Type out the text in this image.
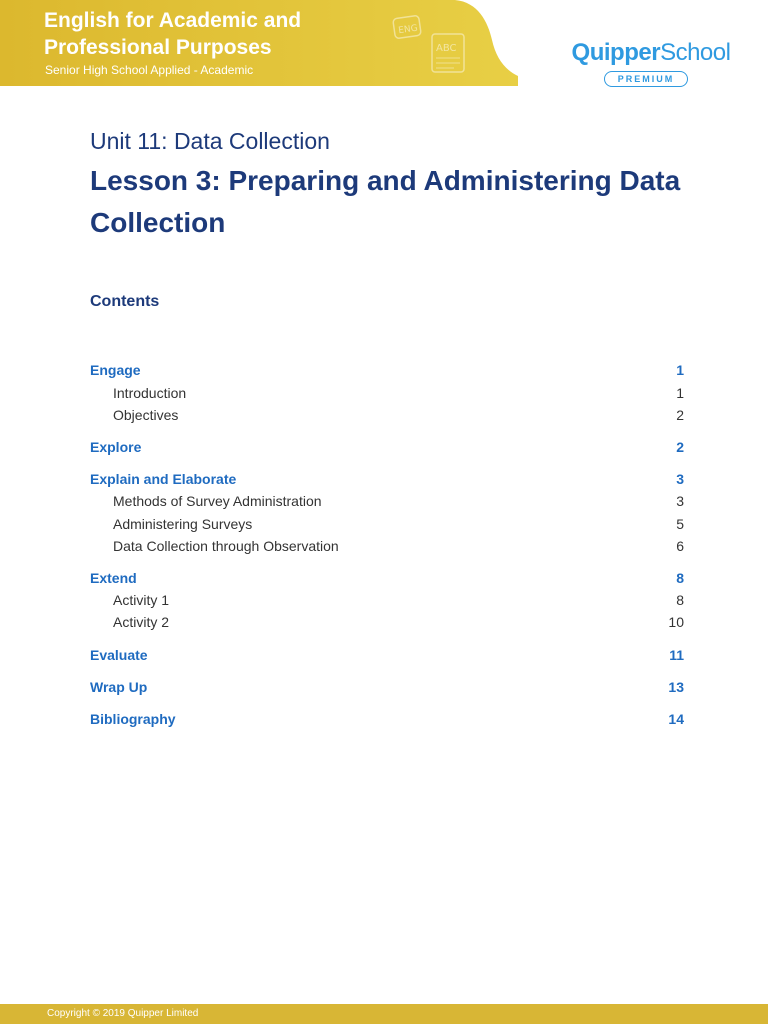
ENG
ABC
English for Academic and Professional Purposes
Senior High School Applied - Academic
QuipperSchool
PREMIUM
Unit 11: Data Collection
Lesson 3: Preparing and Administering Data Collection
Contents
Engage	1
Introduction	1
Objectives	2
Explore	2
Explain and Elaborate	3
Methods of Survey Administration	3
Administering Surveys	5
Data Collection through Observation	6
Extend	8
Activity 1	8
Activity 2	10
Evaluate	11
Wrap Up	13
Bibliography	14
Copyright © 2019 Quipper Limited
